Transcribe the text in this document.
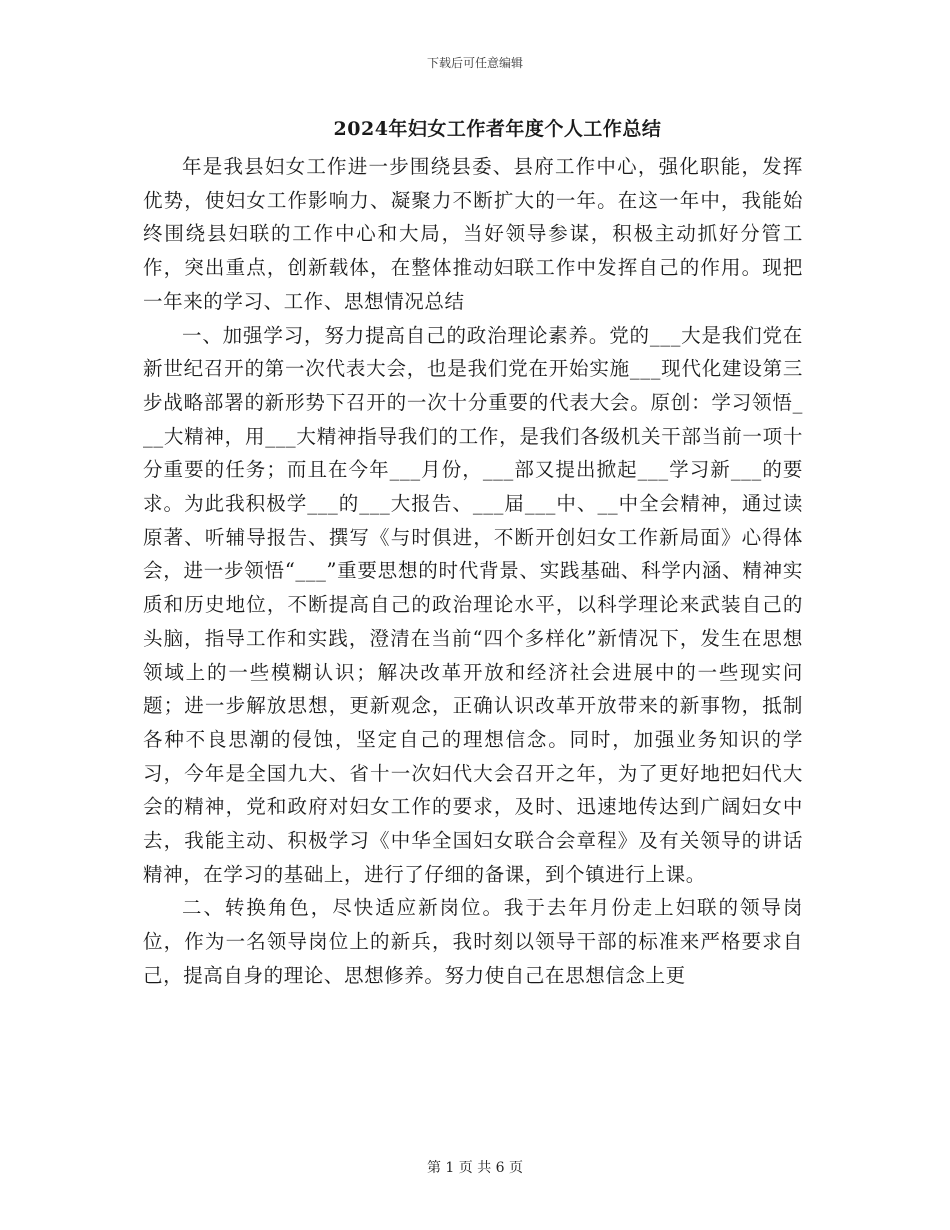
下载后可任意编辑
2024年妇女工作者年度个人工作总结

年是我县妇女工作进一步围绕县委、县府工作中心，强化职能，发挥优势，使妇女工作影响力、凝聚力不断扩大的一年。在这一年中，我能始终围绕县妇联的工作中心和大局，当好领导参谋，积极主动抓好分管工作，突出重点，创新载体，在整体推动妇联工作中发挥自己的作用。现把一年来的学习、工作、思想情况总结

一、加强学习，努力提高自己的政治理论素养。党的___大是我们党在新世纪召开的第一次代表大会，也是我们党在开始实施___现代化建设第三步战略部署的新形势下召开的一次十分重要的代表大会。原创：学习领悟___大精神，用___大精神指导我们的工作，是我们各级机关干部当前一项十分重要的任务；而且在今年___月份，___部又提出掀起___学习新___的要求。为此我积极学___的___大报告、___届___中、__中全会精神，通过读原著、听辅导报告、撰写《与时俱进，不断开创妇女工作新局面》心得体会，进一步领悟“___”重要思想的时代背景、实践基础、科学内涵、精神实质和历史地位，不断提高自己的政治理论水平，以科学理论来武装自己的头脑，指导工作和实践，澄清在当前“四个多样化”新情况下，发生在思想领域上的一些模糊认识；解决改革开放和经济社会进展中的一些现实问题；进一步解放思想，更新观念，正确认识改革开放带来的新事物，抵制各种不良思潮的侵蚀，坚定自己的理想信念。同时，加强业务知识的学习，今年是全国九大、省十一次妇代大会召开之年，为了更好地把妇代大会的精神，党和政府对妇女工作的要求，及时、迅速地传达到广阔妇女中去，我能主动、积极学习《中华全国妇女联合会章程》及有关领导的讲话精神，在学习的基础上，进行了仔细的备课，到个镇进行上课。

二、转换角色，尽快适应新岗位。我于去年月份走上妇联的领导岗位，作为一名领导岗位上的新兵，我时刻以领导干部的标准来严格要求自己，提高自身的理论、思想修养。努力使自己在思想信念上更

第 1 页 共 6 页
